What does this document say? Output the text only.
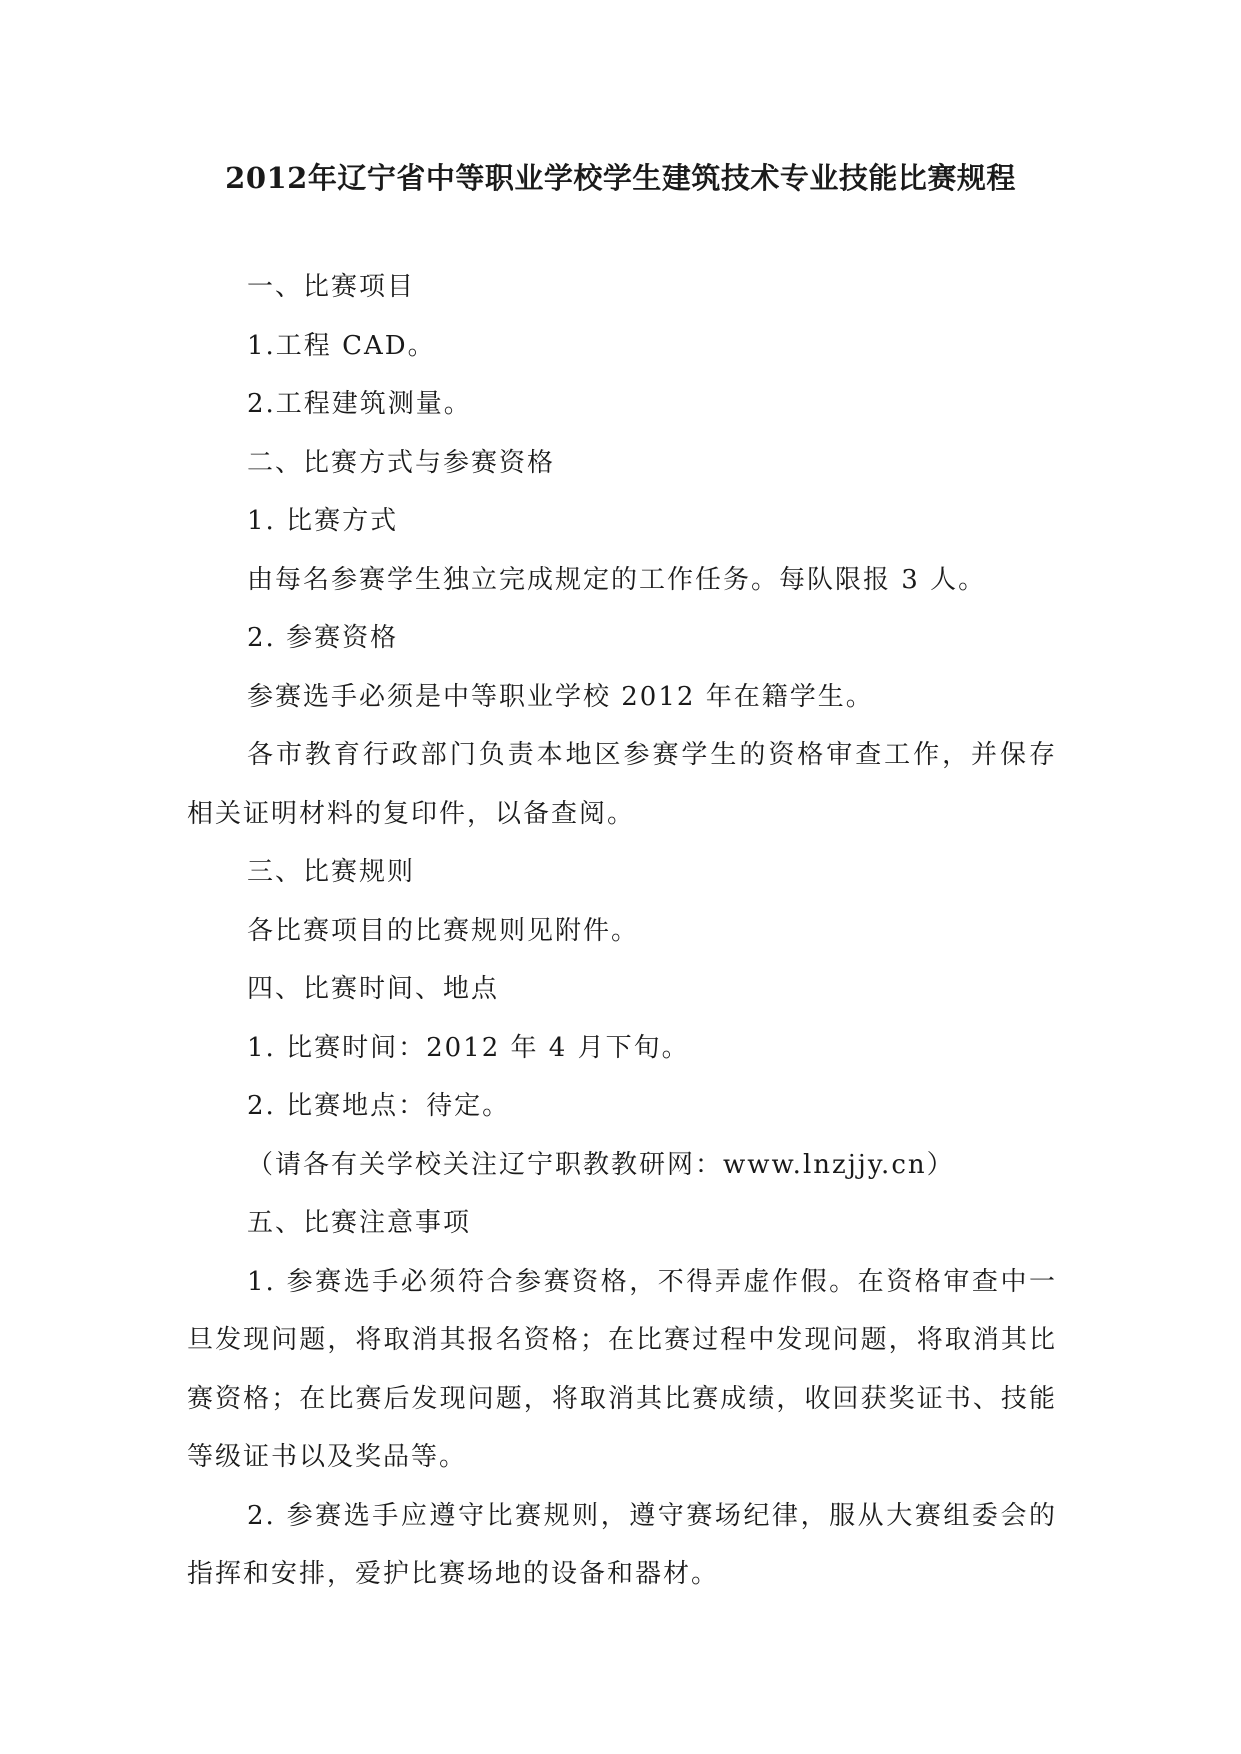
2012年辽宁省中等职业学校学生建筑技术专业技能比赛规程

一、比赛项目

1.工程 CAD。

2.工程建筑测量。

二、比赛方式与参赛资格

1. 比赛方式

由每名参赛学生独立完成规定的工作任务。每队限报 3 人。

2. 参赛资格

参赛选手必须是中等职业学校 2012 年在籍学生。

各市教育行政部门负责本地区参赛学生的资格审查工作，并保存相关证明材料的复印件，以备查阅。

三、比赛规则

各比赛项目的比赛规则见附件。

四、比赛时间、地点

1. 比赛时间：2012 年 4 月下旬。

2. 比赛地点：待定。

（请各有关学校关注辽宁职教教研网：www.lnzjjy.cn）

五、比赛注意事项

1. 参赛选手必须符合参赛资格，不得弄虚作假。在资格审查中一旦发现问题，将取消其报名资格；在比赛过程中发现问题，将取消其比赛资格；在比赛后发现问题，将取消其比赛成绩，收回获奖证书、技能等级证书以及奖品等。

2. 参赛选手应遵守比赛规则，遵守赛场纪律，服从大赛组委会的指挥和安排，爱护比赛场地的设备和器材。
